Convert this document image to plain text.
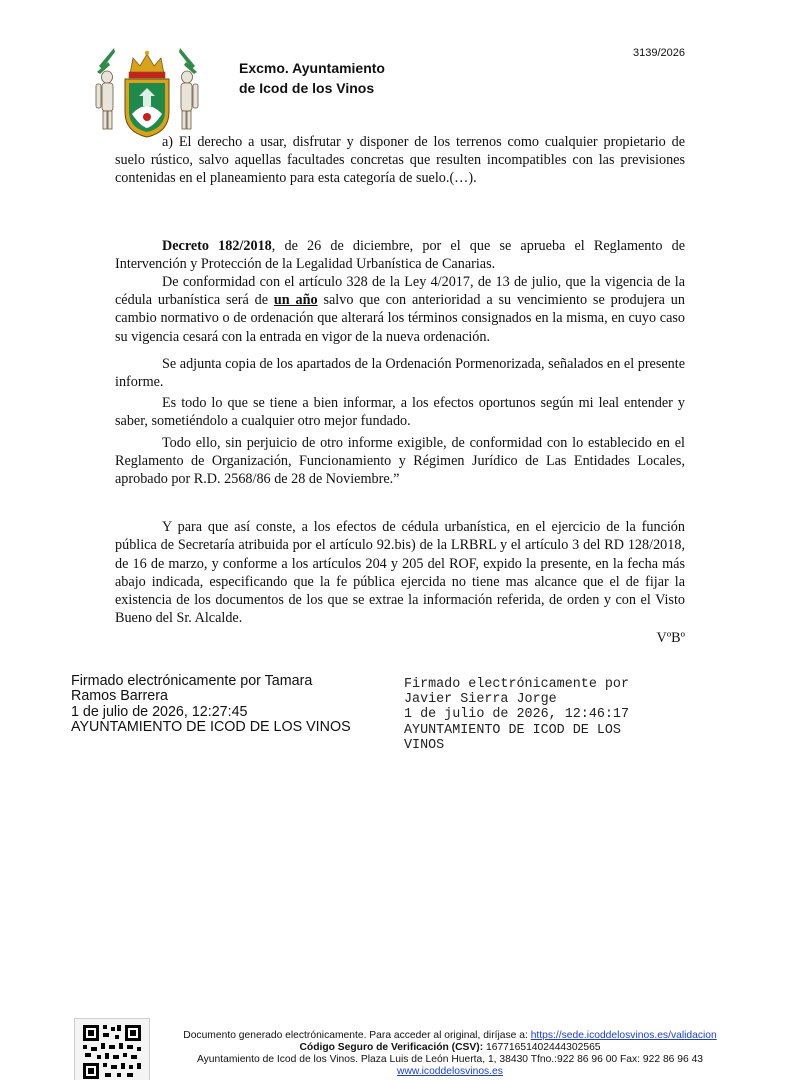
Excmo. Ayuntamiento
de Icod de los Vinos
3139/2026

a) El derecho a usar, disfrutar y disponer de los terrenos como cualquier propietario de suelo rústico, salvo aquellas facultades concretas que resulten incompatibles con las previsiones contenidas en el planeamiento para esta categoría de suelo.(…).

Decreto 182/2018, de 26 de diciembre, por el que se aprueba el Reglamento de Intervención y Protección de la Legalidad Urbanística de Canarias.

De conformidad con el artículo 328 de la Ley 4/2017, de 13 de julio, que la vigencia de la cédula urbanística será de un año salvo que con anterioridad a su vencimiento se produjera un cambio normativo o de ordenación que alterará los términos consignados en la misma, en cuyo caso su vigencia cesará con la entrada en vigor de la nueva ordenación.

Se adjunta copia de los apartados de la Ordenación Pormenorizada, señalados en el presente informe.

Es todo lo que se tiene a bien informar, a los efectos oportunos según mi leal entender y saber, sometiéndolo a cualquier otro mejor fundado.

Todo ello, sin perjuicio de otro informe exigible, de conformidad con lo establecido en el Reglamento de Organización, Funcionamiento y Régimen Jurídico de Las Entidades Locales, aprobado por R.D. 2568/86 de 28 de Noviembre.”

Y para que así conste, a los efectos de cédula urbanística, en el ejercicio de la función pública de Secretaría atribuida por el artículo 92.bis) de la LRBRL y el artículo 3 del RD 128/2018, de 16 de marzo, y conforme a los artículos 204 y 205 del ROF, expido la presente, en la fecha más abajo indicada, especificando que la fe pública ejercida no tiene mas alcance que el de fijar la existencia de los documentos de los que se extrae la información referida, de orden y con el Visto Bueno del Sr. Alcalde.

VºBº

Firmado electrónicamente por Tamara
Ramos Barrera
1 de julio de 2026, 12:27:45
AYUNTAMIENTO DE ICOD DE LOS VINOS
Firmado electrónicamente por
Javier Sierra Jorge
1 de julio de 2026, 12:46:17
AYUNTAMIENTO DE ICOD DE LOS
VINOS
Documento generado electrónicamente. Para acceder al original, diríjase a: https://sede.icoddelosvinos.es/validacion
Código Seguro de Verificación (CSV): 16771651402444302565
Ayuntamiento de Icod de los Vinos. Plaza Luis de León Huerta, 1, 38430 Tfno.:922 86 96 00 Fax: 922 86 96 43
www.icoddelosvinos.es
